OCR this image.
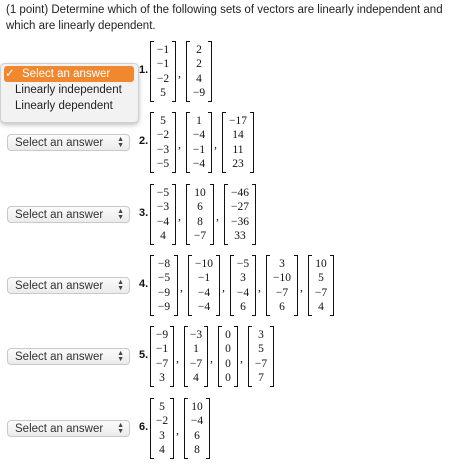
(1 point) Determine which of the following sets of vectors are linearly independent and which are linearly dependent.
1.
−1
−1
−2
5
,
2
2
4
−9
Select an answer ▲
▼ 2.
5
−2
−3
−5
,
1
−4
−1
−4
,
−17
14
11
23
Select an answer ▲
▼ 3.
−5
−3
−4
4
,
10
6
8
−7
,
−46
−27
−36
33
Select an answer ▲
▼ 4.
−8
−5
−9
−9
,
−10
−1
−4
−4
,
−5
3
−4
6
,
3
−10
−7
6
,
10
5
−7
4
Select an answer ▲
▼ 5.
−9
−1
−7
3
,
−3
1
−7
4
,
0
0
0
0
,
3
5
−7
7
Select an answer ▲
▼ 6.
5
−2
3
4
,
10
−4
6
8
✓ Select an answer
Linearly independent
Linearly dependent
